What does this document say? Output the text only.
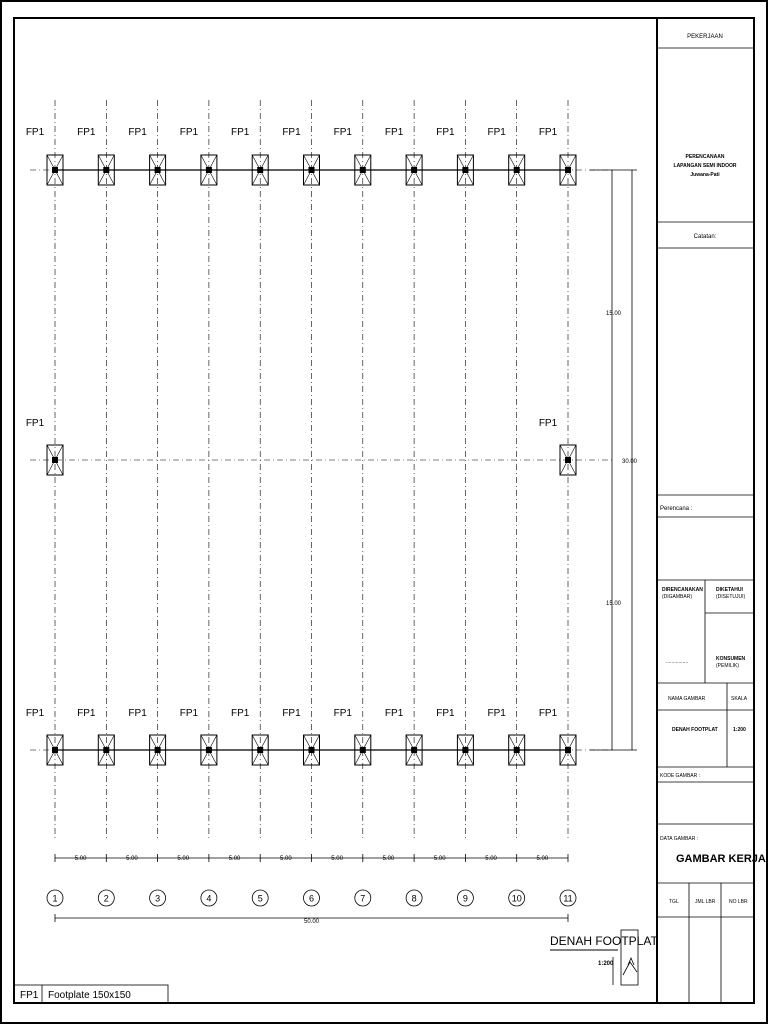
PEKERJAAN
PERENCANAAN
LAPANGAN SEMI INDOOR
Juwana-Pati
Catatan:
Perencana :
DIRENCANAKAN
(DIGAMBAR)
DIKETAHUI
(DISETUJUI)
................	KONSUMEN
(PEMILIK)
NAMA GAMBAR	SKALA
DENAH FOOTPLAT	1:200
KODE GAMBAR :
DATA GAMBAR :
GAMBAR KERJA
TGL	JML LBR	NO LBR
FP1 Footplate 150x150
FP1	FP1	FP1	FP1	FP1	FP1	FP1	FP1	FP1	FP1	FP1
FP1	FP1	FP1	FP1	FP1	FP1	FP1	FP1	FP1	FP1	FP1
FP1	FP1
15.00
15.00
30.00
5.00	5.00	5.00	5.00	5.00	5.00	5.00	5.00	5.00	5.00
1	2	3	4	5	6	7	8	9	10	11
50.00
DENAH FOOTPLAT
1:200
